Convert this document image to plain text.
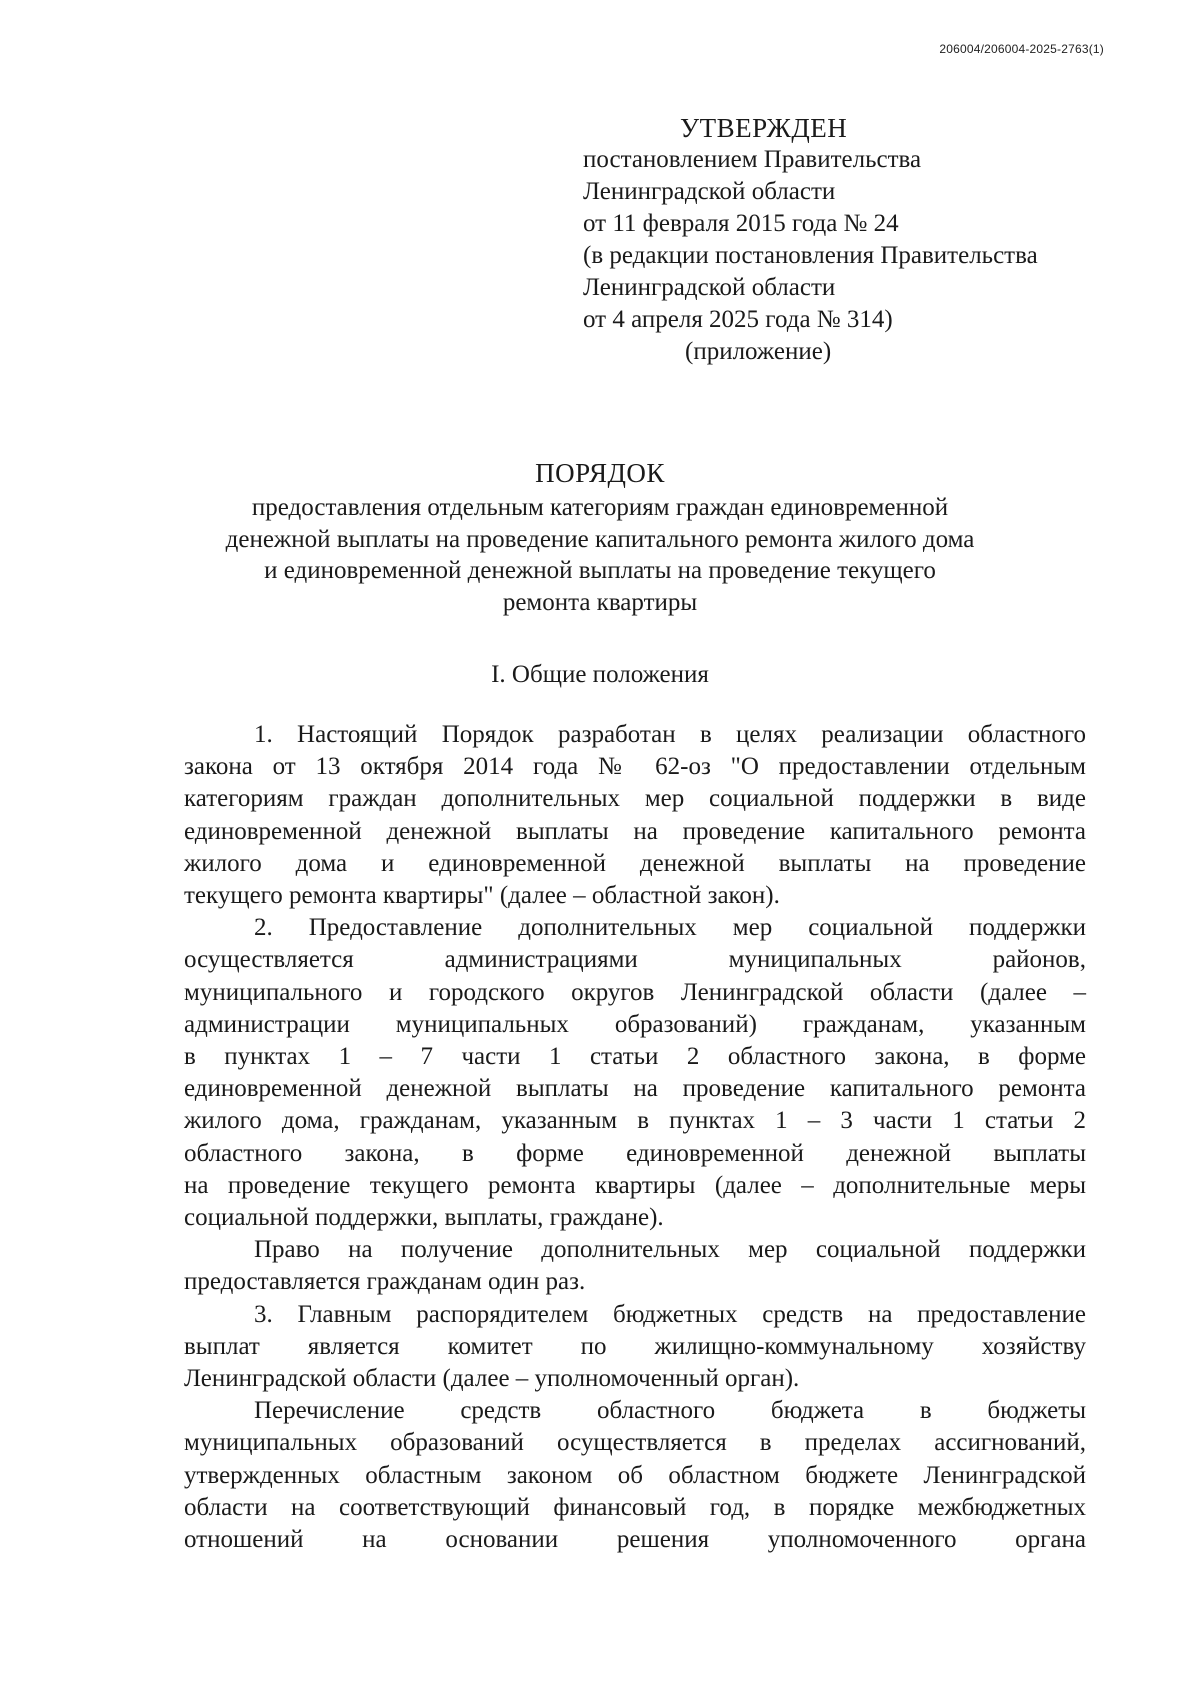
206004/206004-2025-2763(1)
УТВЕРЖДЕН
постановлением Правительства
Ленинградской области
от 11 февраля 2015 года № 24
(в редакции постановления Правительства
Ленинградской области
от 4 апреля 2025 года № 314)
(приложение)
ПОРЯДОК
предоставления отдельным категориям граждан единовременной
денежной выплаты на проведение капитального ремонта жилого дома
и единовременной денежной выплаты на проведение текущего
ремонта квартиры
I. Общие положения
1. Настоящий Порядок разработан в целях реализации областного
закона от 13 октября 2014 года № 62-оз "О предоставлении отдельным
категориям граждан дополнительных мер социальной поддержки в виде
единовременной денежной выплаты на проведение капитального ремонта
жилого дома и единовременной денежной выплаты на проведение
текущего ремонта квартиры" (далее – областной закон).
2. Предоставление дополнительных мер социальной поддержки
осуществляется администрациями муниципальных районов,
муниципального и городского округов Ленинградской области (далее –
администрации муниципальных образований) гражданам, указанным
в пунктах 1 – 7 части 1 статьи 2 областного закона, в форме
единовременной денежной выплаты на проведение капитального ремонта
жилого дома, гражданам, указанным в пунктах 1 – 3 части 1 статьи 2
областного закона, в форме единовременной денежной выплаты
на проведение текущего ремонта квартиры (далее – дополнительные меры
социальной поддержки, выплаты, граждане).
Право на получение дополнительных мер социальной поддержки
предоставляется гражданам один раз.
3. Главным распорядителем бюджетных средств на предоставление
выплат является комитет по жилищно-коммунальному хозяйству
Ленинградской области (далее – уполномоченный орган).
Перечисление средств областного бюджета в бюджеты
муниципальных образований осуществляется в пределах ассигнований,
утвержденных областным законом об областном бюджете Ленинградской
области на соответствующий финансовый год, в порядке межбюджетных
отношений на основании решения уполномоченного органа
